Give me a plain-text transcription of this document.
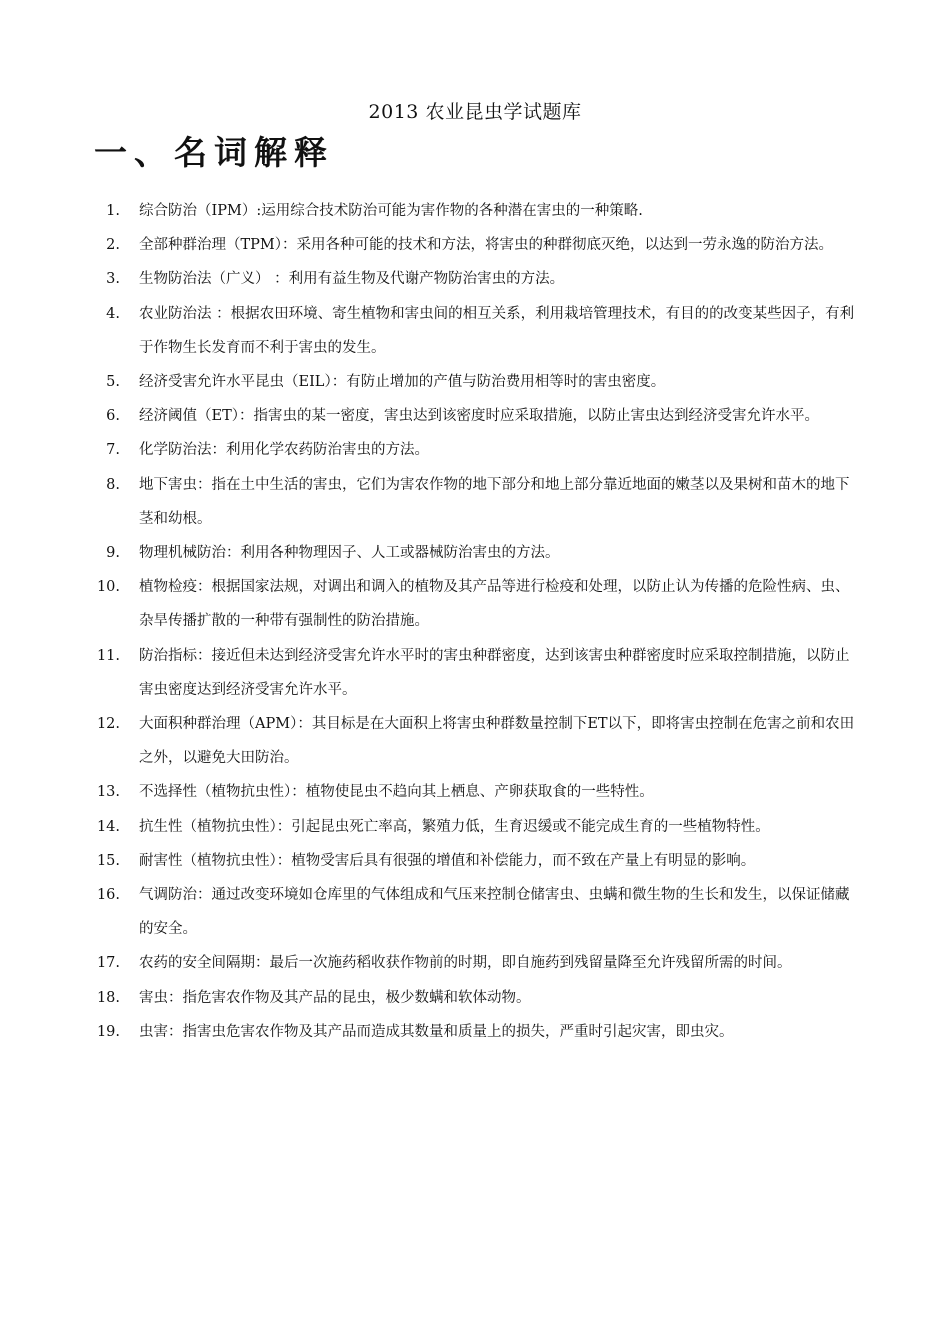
2013 农业昆虫学试题库
一、名词解释
1. 综合防治（IPM）:运用综合技术防治可能为害作物的各种潜在害虫的一种策略.
2. 全部种群治理（TPM）：采用各种可能的技术和方法，将害虫的种群彻底灭绝，以达到一劳永逸的防治方法。
3. 生物防治法（广义） ：利用有益生物及代谢产物防治害虫的方法。
4. 农业防治法 ：根据农田环境、寄生植物和害虫间的相互关系，利用栽培管理技术，有目的的改变某些因子，有利于作物生长发育而不利于害虫的发生。
5. 经济受害允许水平昆虫（EIL）：有防止增加的产值与防治费用相等时的害虫密度。
6. 经济阈值（ET）：指害虫的某一密度，害虫达到该密度时应采取措施，以防止害虫达到经济受害允许水平。
7. 化学防治法：利用化学农药防治害虫的方法。
8. 地下害虫：指在土中生活的害虫，它们为害农作物的地下部分和地上部分靠近地面的嫩茎以及果树和苗木的地下茎和幼根。
9. 物理机械防治：利用各种物理因子、人工或器械防治害虫的方法。
10. 植物检疫：根据国家法规，对调出和调入的植物及其产品等进行检疫和处理，以防止认为传播的危险性病、虫、杂旱传播扩散的一种带有强制性的防治措施。
11. 防治指标：接近但未达到经济受害允许水平时的害虫种群密度，达到该害虫种群密度时应采取控制措施，以防止害虫密度达到经济受害允许水平。
12. 大面积种群治理（APM）：其目标是在大面积上将害虫种群数量控制下ET以下，即将害虫控制在危害之前和农田之外，以避免大田防治。
13. 不选择性（植物抗虫性）：植物使昆虫不趋向其上栖息、产卵获取食的一些特性。
14. 抗生性（植物抗虫性）：引起昆虫死亡率高，繁殖力低，生育迟缓或不能完成生育的一些植物特性。
15. 耐害性（植物抗虫性）：植物受害后具有很强的增值和补偿能力，而不致在产量上有明显的影响。
16. 气调防治：通过改变环境如仓库里的气体组成和气压来控制仓储害虫、虫螨和微生物的生长和发生，以保证储藏的安全。
17. 农药的安全间隔期：最后一次施药稻收获作物前的时期，即自施药到残留量降至允许残留所需的时间。
18. 害虫：指危害农作物及其产品的昆虫，极少数螨和软体动物。
19. 虫害：指害虫危害农作物及其产品而造成其数量和质量上的损失，严重时引起灾害，即虫灾。
